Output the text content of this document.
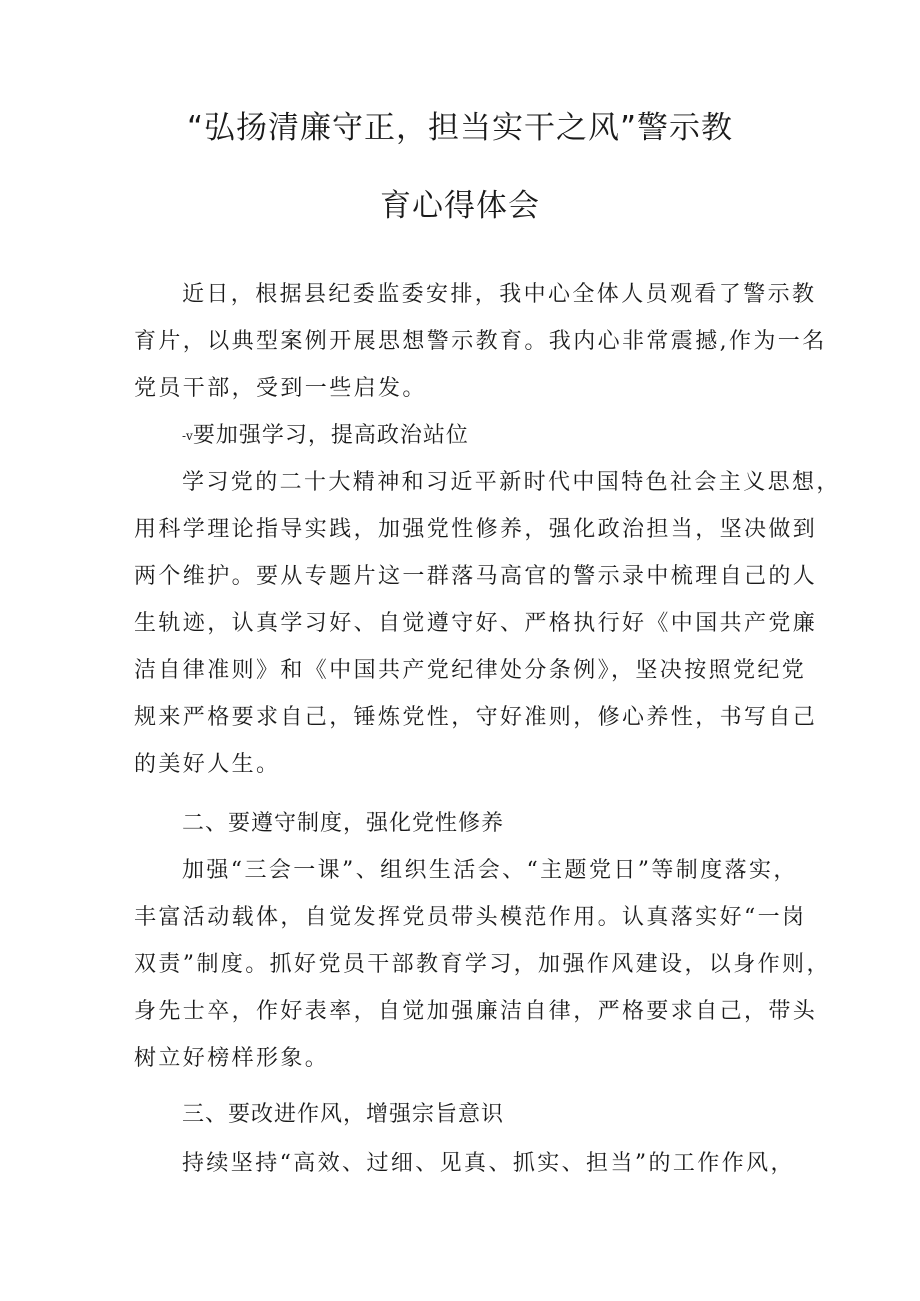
“弘扬清廉守正，担当实干之风”警示教
育心得体会
近日，根据县纪委监委安排，我中心全体人员观看了警示教
育片，以典型案例开展思想警示教育。我内心非常震撼,作为一名
党员干部，受到一些启发。
-v要加强学习，提高政治站位
学习党的二十大精神和习近平新时代中国特色社会主义思想，
用科学理论指导实践，加强党性修养，强化政治担当，坚决做到
两个维护。要从专题片这一群落马高官的警示录中梳理自己的人
生轨迹，认真学习好、自觉遵守好、严格执行好《中国共产党廉
洁自律准则》和《中国共产党纪律处分条例》，坚决按照党纪党
规来严格要求自己，锤炼党性，守好准则，修心养性，书写自己
的美好人生。
二、要遵守制度，强化党性修养
加强“三会一课”、组织生活会、“主题党日”等制度落实，
丰富活动载体，自觉发挥党员带头模范作用。认真落实好“一岗
双责”制度。抓好党员干部教育学习，加强作风建设，以身作则，
身先士卒，作好表率，自觉加强廉洁自律，严格要求自己，带头
树立好榜样形象。
三、要改进作风，增强宗旨意识
持续坚持“高效、过细、见真、抓实、担当”的工作作风，
